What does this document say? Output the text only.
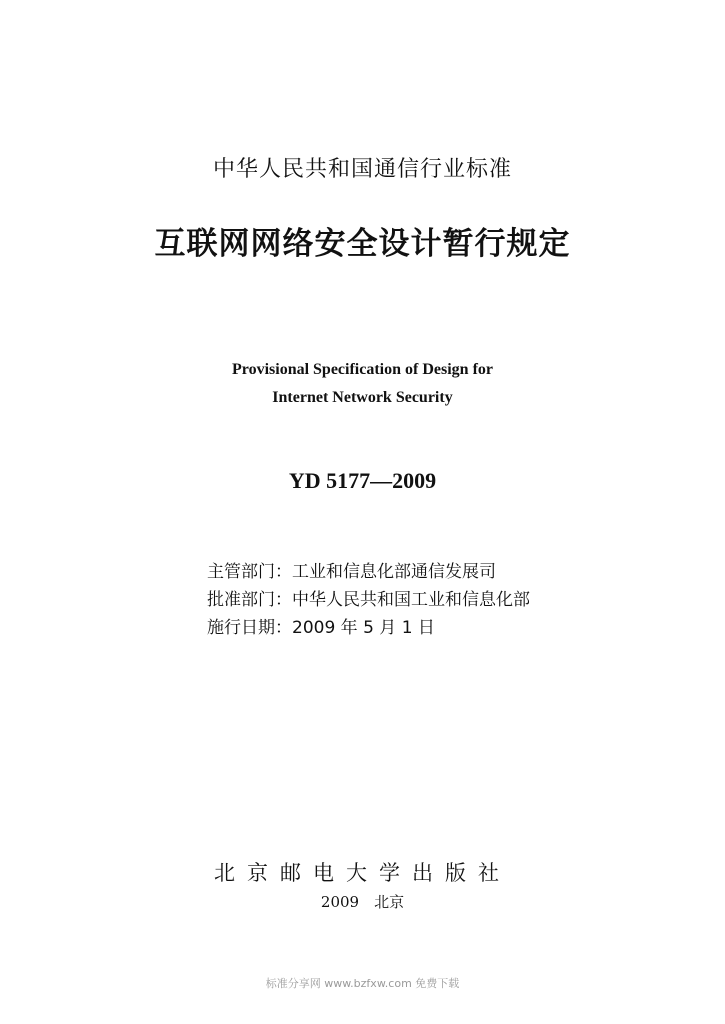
中华人民共和国通信行业标准
互联网网络安全设计暂行规定
Provisional Specification of Design for
Internet Network Security
YD 5177—2009
主管部门：工业和信息化部通信发展司
批准部门：中华人民共和国工业和信息化部
施行日期：2009 年 5 月 1 日
北京邮电大学出版社
2009　北京
标准分享网 www.bzfxw.com 免费下载
